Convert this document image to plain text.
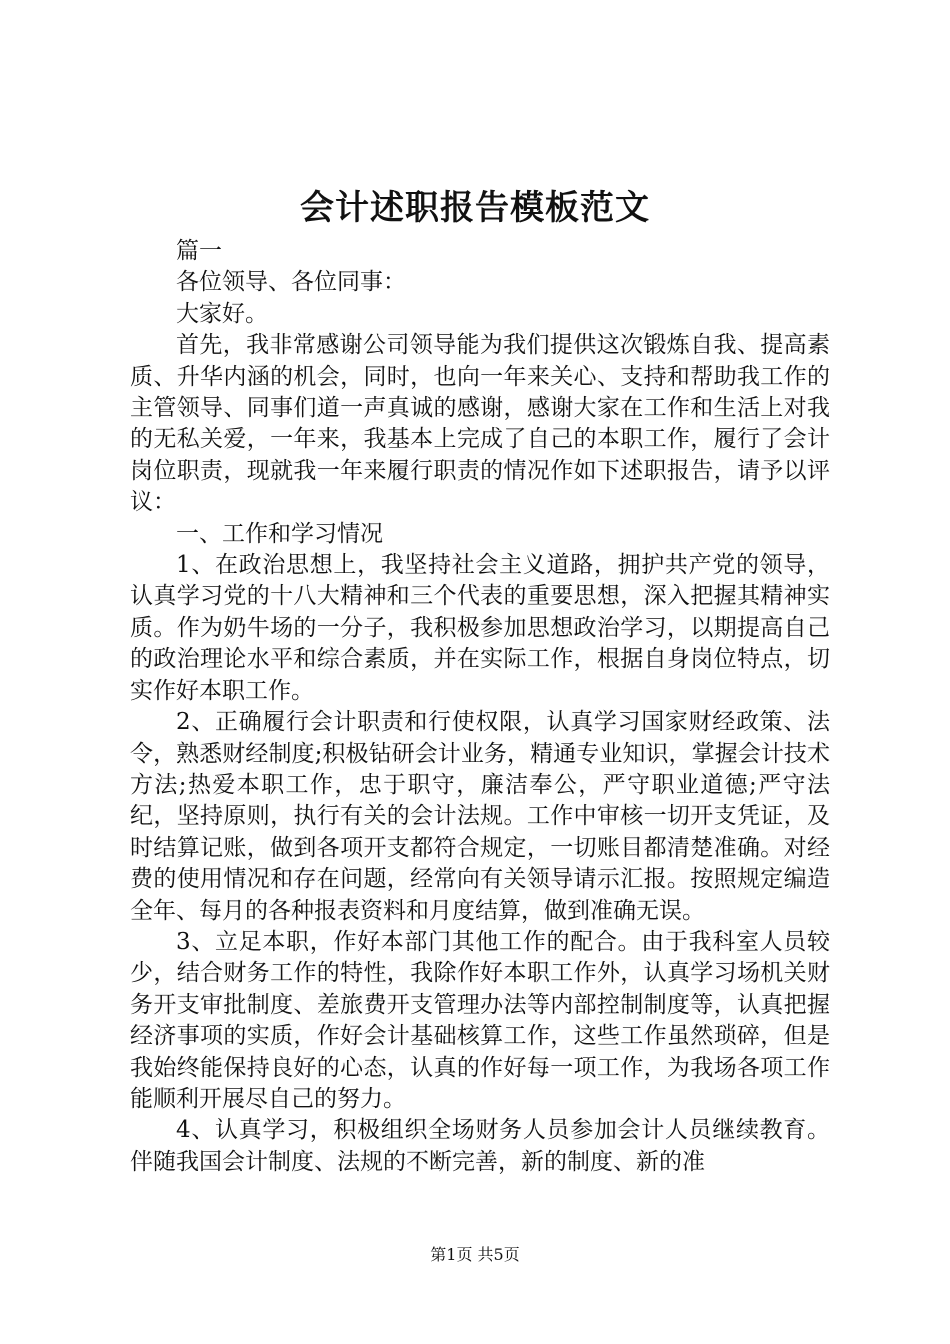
会计述职报告模板范文

篇一

各位领导、各位同事：

大家好。

首先，我非常感谢公司领导能为我们提供这次锻炼自我、提高素质、升华内涵的机会，同时，也向一年来关心、支持和帮助我工作的主管领导、同事们道一声真诚的感谢，感谢大家在工作和生活上对我的无私关爱，一年来，我基本上完成了自己的本职工作，履行了会计岗位职责，现就我一年来履行职责的情况作如下述职报告，请予以评议：

一、工作和学习情况

1、在政治思想上，我坚持社会主义道路，拥护共产党的领导，认真学习党的十八大精神和三个代表的重要思想，深入把握其精神实质。作为奶牛场的一分子，我积极参加思想政治学习，以期提高自己的政治理论水平和综合素质，并在实际工作，根据自身岗位特点，切实作好本职工作。

2、正确履行会计职责和行使权限，认真学习国家财经政策、法令，熟悉财经制度;积极钻研会计业务，精通专业知识，掌握会计技术方法;热爱本职工作，忠于职守，廉洁奉公，严守职业道德;严守法纪，坚持原则，执行有关的会计法规。工作中审核一切开支凭证，及时结算记账，做到各项开支都符合规定，一切账目都清楚准确。对经费的使用情况和存在问题，经常向有关领导请示汇报。按照规定编造全年、每月的各种报表资料和月度结算，做到准确无误。

3、立足本职，作好本部门其他工作的配合。由于我科室人员较少，结合财务工作的特性，我除作好本职工作外，认真学习场机关财务开支审批制度、差旅费开支管理办法等内部控制制度等，认真把握经济事项的实质，作好会计基础核算工作，这些工作虽然琐碎，但是我始终能保持良好的心态，认真的作好每一项工作，为我场各项工作能顺利开展尽自己的努力。

4、认真学习，积极组织全场财务人员参加会计人员继续教育。伴随我国会计制度、法规的不断完善，新的制度、新的准

第1页 共5页
